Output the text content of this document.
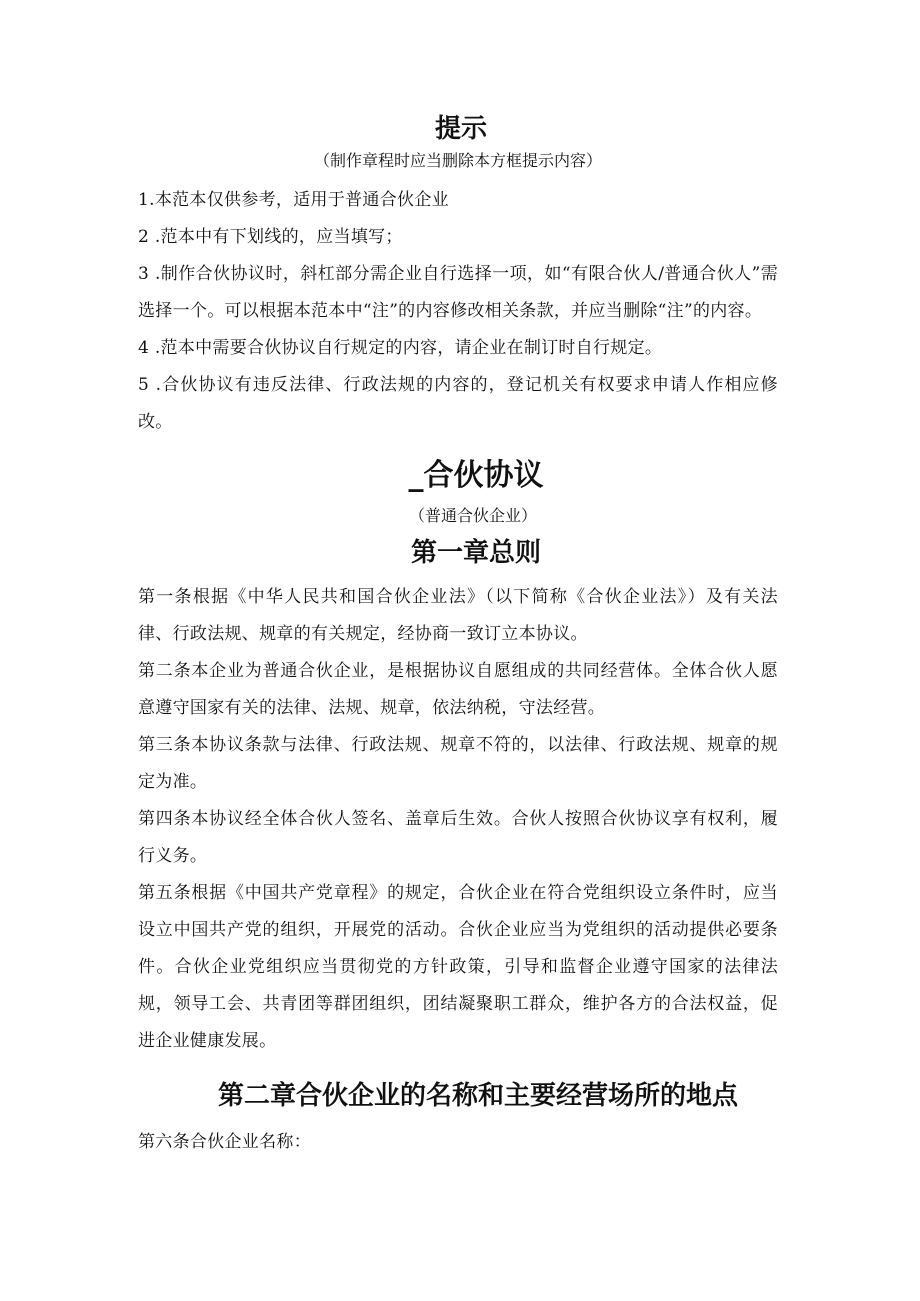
提示

（制作章程时应当删除本方框提示内容）

1.本范本仅供参考，适用于普通合伙企业

2 .范本中有下划线的，应当填写；

3 .制作合伙协议时，斜杠部分需企业自行选择一项，如“有限合伙人/普通合伙人”需选择一个。可以根据本范本中“注”的内容修改相关条款，并应当删除“注”的内容。

4 .范本中需要合伙协议自行规定的内容，请企业在制订时自行规定。

5 .合伙协议有违反法律、行政法规的内容的，登记机关有权要求申请人作相应修改。

_合伙协议

（普通合伙企业）

第一章总则

第一条根据《中华人民共和国合伙企业法》（以下简称《合伙企业法》）及有关法律、行政法规、规章的有关规定，经协商一致订立本协议。

第二条本企业为普通合伙企业，是根据协议自愿组成的共同经营体。全体合伙人愿意遵守国家有关的法律、法规、规章，依法纳税，守法经营。

第三条本协议条款与法律、行政法规、规章不符的，以法律、行政法规、规章的规定为准。

第四条本协议经全体合伙人签名、盖章后生效。合伙人按照合伙协议享有权利，履行义务。

第五条根据《中国共产党章程》的规定，合伙企业在符合党组织设立条件时，应当设立中国共产党的组织，开展党的活动。合伙企业应当为党组织的活动提供必要条件。合伙企业党组织应当贯彻党的方针政策，引导和监督企业遵守国家的法律法规，领导工会、共青团等群团组织，团结凝聚职工群众，维护各方的合法权益，促进企业健康发展。

第二章合伙企业的名称和主要经营场所的地点

第六条合伙企业名称：
